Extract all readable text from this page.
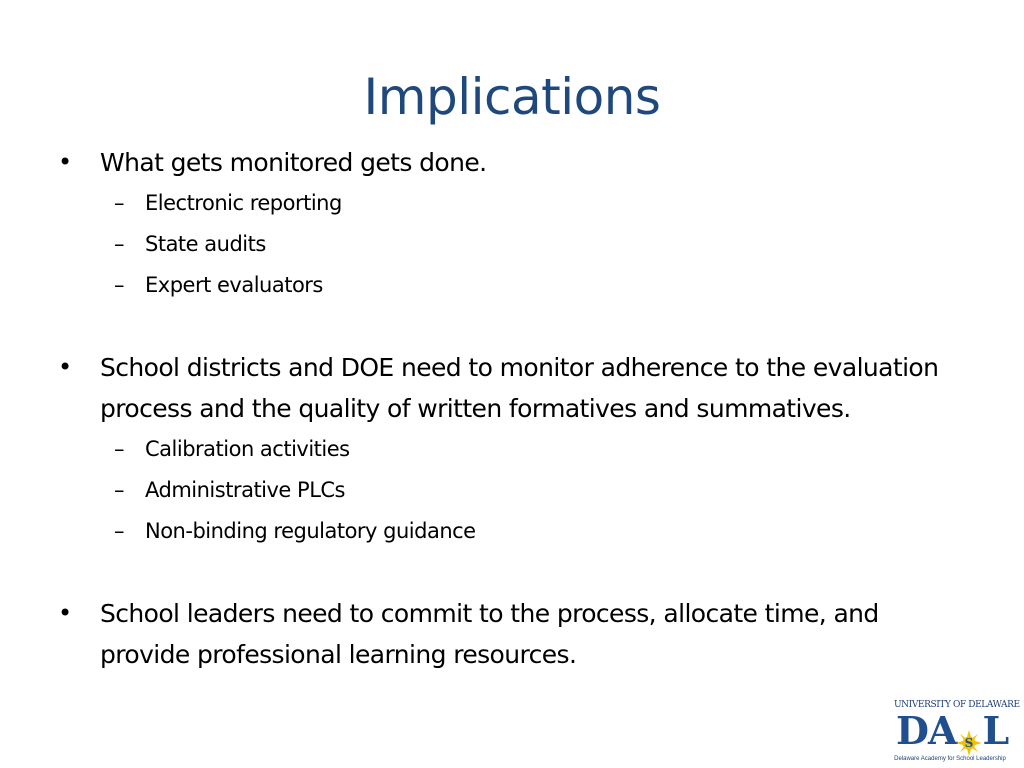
Implications
• What gets monitored gets done.
– Electronic reporting
– State audits
– Expert evaluators
• School districts and DOE need to monitor adherence to the evaluation process and the quality of written formatives and summatives.
– Calibration activities
– Administrative PLCs
– Non-binding regulatory guidance
• School leaders need to commit to the process, allocate time, and provide professional learning resources.
UNIVERSITY OF DELAWARE
DA L
S
Delaware Academy for School Leadership
